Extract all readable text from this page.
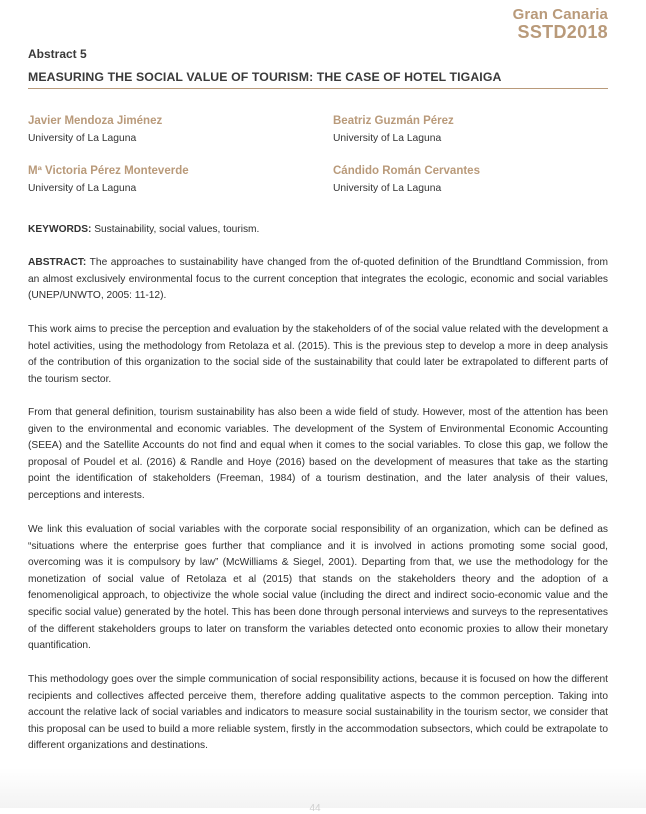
Gran Canaria
SSTD2018
Abstract 5
MEASURING THE SOCIAL VALUE OF TOURISM: THE CASE OF HOTEL TIGAIGA
Javier Mendoza Jiménez
University of La Laguna
Beatriz Guzmán Pérez
University of La Laguna
Mª Victoria Pérez Monteverde
University of La Laguna
Cándido Román Cervantes
University of La Laguna
KEYWORDS: Sustainability, social values, tourism.
ABSTRACT: The approaches to sustainability have changed from the of-quoted definition of the Brundtland Commission, from an almost exclusively environmental focus to the current conception that integrates the ecologic, economic and social variables (UNEP/UNWTO, 2005: 11-12).
This work aims to precise the perception and evaluation by the stakeholders of of the social value related with the development a hotel activities, using the methodology from Retolaza et al. (2015). This is the previous step to develop a more in deep analysis of the contribution of this organization to the social side of the sustainability that could later be extrapolated to different parts of the tourism sector.
From that general definition, tourism sustainability has also been a wide field of study. However, most of the attention has been given to the environmental and economic variables. The development of the System of Environmental Economic Accounting (SEEA) and the Satellite Accounts do not find and equal when it comes to the social variables. To close this gap, we follow the proposal of Poudel et al. (2016) & Randle and Hoye (2016) based on the development of measures that take as the starting point the identification of stakeholders (Freeman, 1984) of a tourism destination, and the later analysis of their values, perceptions and interests.
We link this evaluation of social variables with the corporate social responsibility of an organization, which can be defined as “situations where the enterprise goes further that compliance and it is involved in actions promoting some social good, overcoming was it is compulsory by law” (McWilliams & Siegel, 2001). Departing from that, we use the methodology for the monetization of social value of Retolaza et al (2015) that stands on the stakeholders theory and the adoption of a fenomenoligical approach, to objectivize the whole social value (including the direct and indirect socio-economic value and the specific social value) generated by the hotel. This has been done through personal interviews and surveys to the representatives of the different stakeholders groups to later on transform the variables detected onto economic proxies to allow their monetary quantification.
This methodology goes over the simple communication of social responsibility actions, because it is focused on how the different recipients and collectives affected perceive them, therefore adding qualitative aspects to the common perception. Taking into account the relative lack of social variables and indicators to measure social sustainability in the tourism sector, we consider that this proposal can be used to build a more reliable system, firstly in the accommodation subsectors, which could be extrapolate to different organizations and destinations.
44
